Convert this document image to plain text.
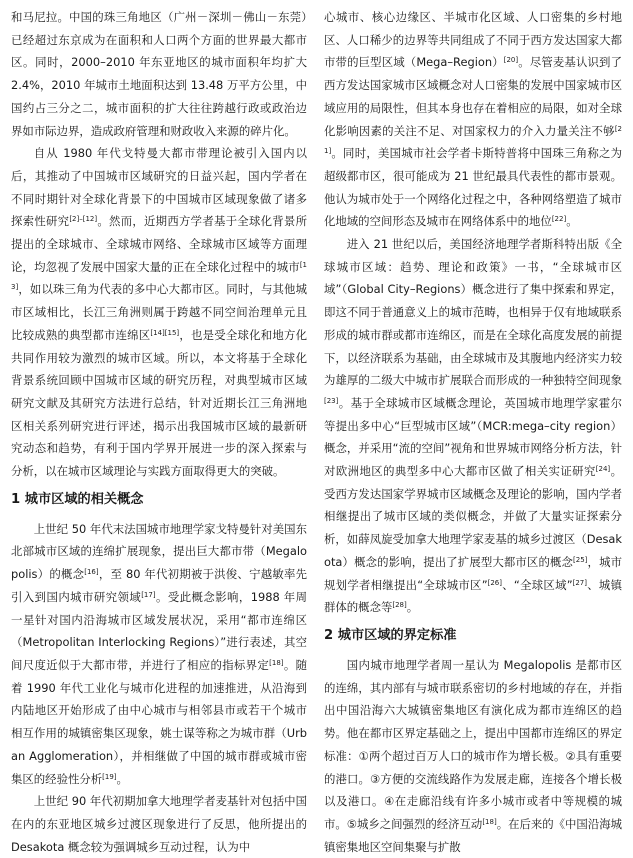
和马尼拉。中国的珠三角地区（广州－深圳－佛山－东莞）已经超过东京成为在面积和人口两个方面的世界最大都市区。同时，2000–2010 年东亚地区的城市面积年均扩大 2.4%，2010 年城市土地面积达到 13.48 万平方公里，中国约占三分之二，城市面积的扩大往往跨越行政或政治边界如市际边界，造成政府管理和财政收入来源的碎片化。

自从 1980 年代戈特曼大都市带理论被引入国内以后，其推动了中国城市区域研究的日益兴起，国内学者在不同时期针对全球化背景下的中国城市区域现象做了诸多探索性研究[2]–[12]。然而，近期西方学者基于全球化背景所提出的全球城市、全球城市网络、全球城市区域等方面理论，均忽视了发展中国家大量的正在全球化过程中的城市[13]，如以珠三角为代表的多中心大都市区。同时，与其他城市区域相比，长江三角洲则属于跨越不同空间治理单元且比较成熟的典型都市连绵区[14][15]，也是受全球化和地方化共同作用较为激烈的城市区域。所以，本文将基于全球化背景系统回顾中国城市区域的研究历程，对典型城市区域研究文献及其研究方法进行总结，针对近期长江三角洲地区相关系列研究进行评述，揭示出我国城市区域的最新研究动态和趋势，有利于国内学界开展进一步的深入探索与分析，以在城市区域理论与实践方面取得更大的突破。

1 城市区域的相关概念

上世纪 50 年代末法国城市地理学家戈特曼针对美国东北部城市区域的连绵扩展现象，提出巨大都市带（Megalopolis）的概念[16]，至 80 年代初期被于洪俊、宁越敏率先引入到国内城市研究领域[17]。受此概念影响，1988 年周一星针对国内沿海城市区域发展状况，采用“都市连绵区（Metropolitan Interlocking Regions）”进行表述，其空间尺度近似于大都市带，并进行了相应的指标界定[18]。随着 1990 年代工业化与城市化进程的加速推进，从沿海到内陆地区开始形成了由中心城市与相邻县市或若干个城市相互作用的城镇密集区现象，姚士谋等称之为城市群（Urban Agglomeration），并相继做了中国的城市群或城市密集区的经验性分析[19]。

上世纪 90 年代初期加拿大地理学者麦基针对包括中国在内的东亚地区城乡过渡区现象进行了反思，他所提出的 Desakota 概念较为强调城乡互动过程，认为中

心城市、核心边缘区、半城市化区域、人口密集的乡村地区、人口稀少的边界等共同组成了不同于西方发达国家大都市带的巨型区域（Mega–Region）[20]。尽管麦基认识到了西方发达国家城市区域概念对人口密集的发展中国家城市区域应用的局限性，但其本身也存在着相应的局限，如对全球化影响因素的关注不足、对国家权力的介入力量关注不够[21]。同时，美国城市社会学者卡斯特普将中国珠三角称之为超级都市区，很可能成为 21 世纪最具代表性的都市景观。他认为城市处于一个网络化过程之中，各种网络塑造了城市化地域的空间形态及城市在网络体系中的地位[22]。

进入 21 世纪以后，美国经济地理学者斯科特出版《全球城市区域：趋势、理论和政策》一书，“全球城市区域”（Global City–Regions）概念进行了集中探索和界定，即这不同于普通意义上的城市范畴，也相异于仅有地域联系形成的城市群或都市连绵区，而是在全球化高度发展的前提下，以经济联系为基础，由全球城市及其腹地内经济实力较为雄厚的二级大中城市扩展联合而形成的一种独特空间现象[23]。基于全球城市区域概念理论，英国城市地理学家霍尔等提出多中心“巨型城市区域”（MCR:mega–city region）概念，并采用“流的空间”视角和世界城市网络分析方法，针对欧洲地区的典型多中心大都市区做了相关实证研究[24]。受西方发达国家学界城市区域概念及理论的影响，国内学者相继提出了城市区域的类似概念，并做了大量实证探索分析，如薛凤旋受加拿大地理学家麦基的城乡过渡区（Desakota）概念的影响，提出了扩展型大都市区的概念[25]，城市规划学者相继提出“全球城市区”[26]、“全球区域”[27]、城镇群体的概念等[28]。

2 城市区域的界定标准

国内城市地理学者周一星认为 Megalopolis 是都市区的连绵，其内部有与城市联系密切的乡村地域的存在，并指出中国沿海六大城镇密集地区有演化成为都市连绵区的趋势。他在都市区界定基础之上，提出中国都市连绵区的界定标准：①两个超过百万人口的城市作为增长极。②具有重要的港口。③方便的交流线路作为发展走廊，连接各个增长极以及港口。④在走廊沿线有许多小城市或者中等规模的城市。⑤城乡之间强烈的经济互动[18]。在后来的《中国沿海城镇密集地区空间集聚与扩散
